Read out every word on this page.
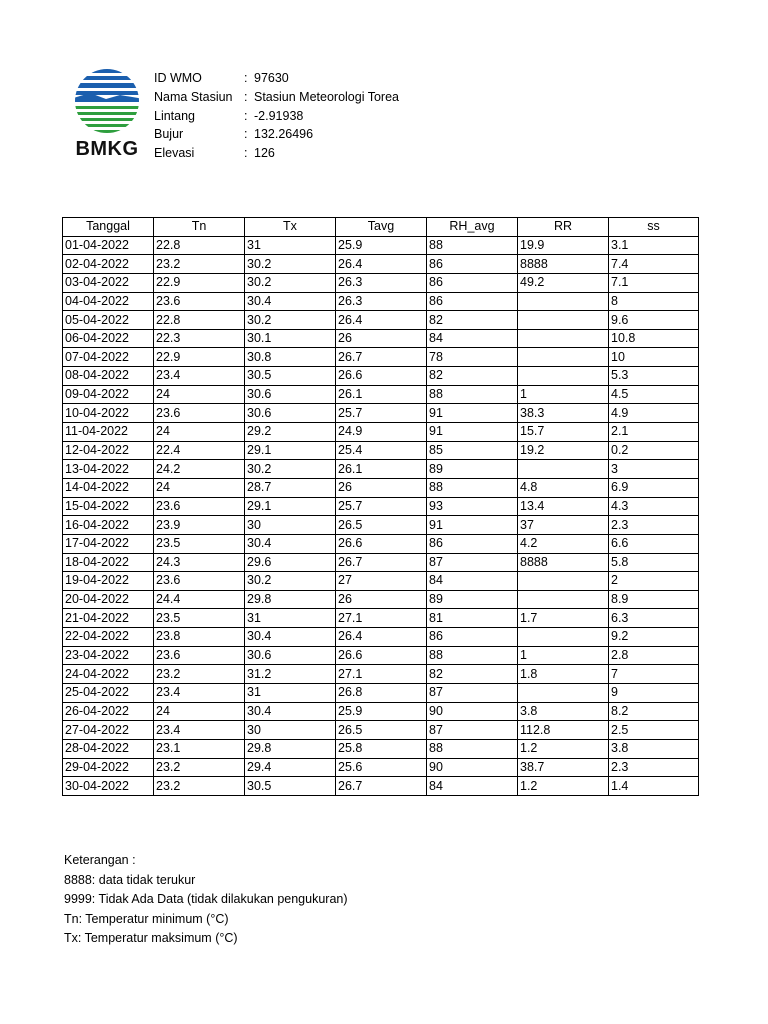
BMKG
ID WMO	: 97630
Nama Stasiun : Stasiun Meteorologi Torea
Lintang	: -2.91938
Bujur	: 132.26496
Elevasi	: 126
Tanggal	Tn	Tx	Tavg	RH_avg	RR	ss
01-04-2022	22.8	31	25.9	88	19.9	3.1
02-04-2022	23.2	30.2	26.4	86	8888	7.4
03-04-2022	22.9	30.2	26.3	86	49.2	7.1
04-04-2022	23.6	30.4	26.3	86		8
05-04-2022	22.8	30.2	26.4	82		9.6
06-04-2022	22.3	30.1	26	84		10.8
07-04-2022	22.9	30.8	26.7	78		10
08-04-2022	23.4	30.5	26.6	82		5.3
09-04-2022	24	30.6	26.1	88	1	4.5
10-04-2022	23.6	30.6	25.7	91	38.3	4.9
11-04-2022	24	29.2	24.9	91	15.7	2.1
12-04-2022	22.4	29.1	25.4	85	19.2	0.2
13-04-2022	24.2	30.2	26.1	89		3
14-04-2022	24	28.7	26	88	4.8	6.9
15-04-2022	23.6	29.1	25.7	93	13.4	4.3
16-04-2022	23.9	30	26.5	91	37	2.3
17-04-2022	23.5	30.4	26.6	86	4.2	6.6
18-04-2022	24.3	29.6	26.7	87	8888	5.8
19-04-2022	23.6	30.2	27	84		2
20-04-2022	24.4	29.8	26	89		8.9
21-04-2022	23.5	31	27.1	81	1.7	6.3
22-04-2022	23.8	30.4	26.4	86		9.2
23-04-2022	23.6	30.6	26.6	88	1	2.8
24-04-2022	23.2	31.2	27.1	82	1.8	7
25-04-2022	23.4	31	26.8	87		9
26-04-2022	24	30.4	25.9	90	3.8	8.2
27-04-2022	23.4	30	26.5	87	112.8	2.5
28-04-2022	23.1	29.8	25.8	88	1.2	3.8
29-04-2022	23.2	29.4	25.6	90	38.7	2.3
30-04-2022	23.2	30.5	26.7	84	1.2	1.4
Keterangan :
8888: data tidak terukur
9999: Tidak Ada Data (tidak dilakukan pengukuran)
Tn: Temperatur minimum (°C)
Tx: Temperatur maksimum (°C)
